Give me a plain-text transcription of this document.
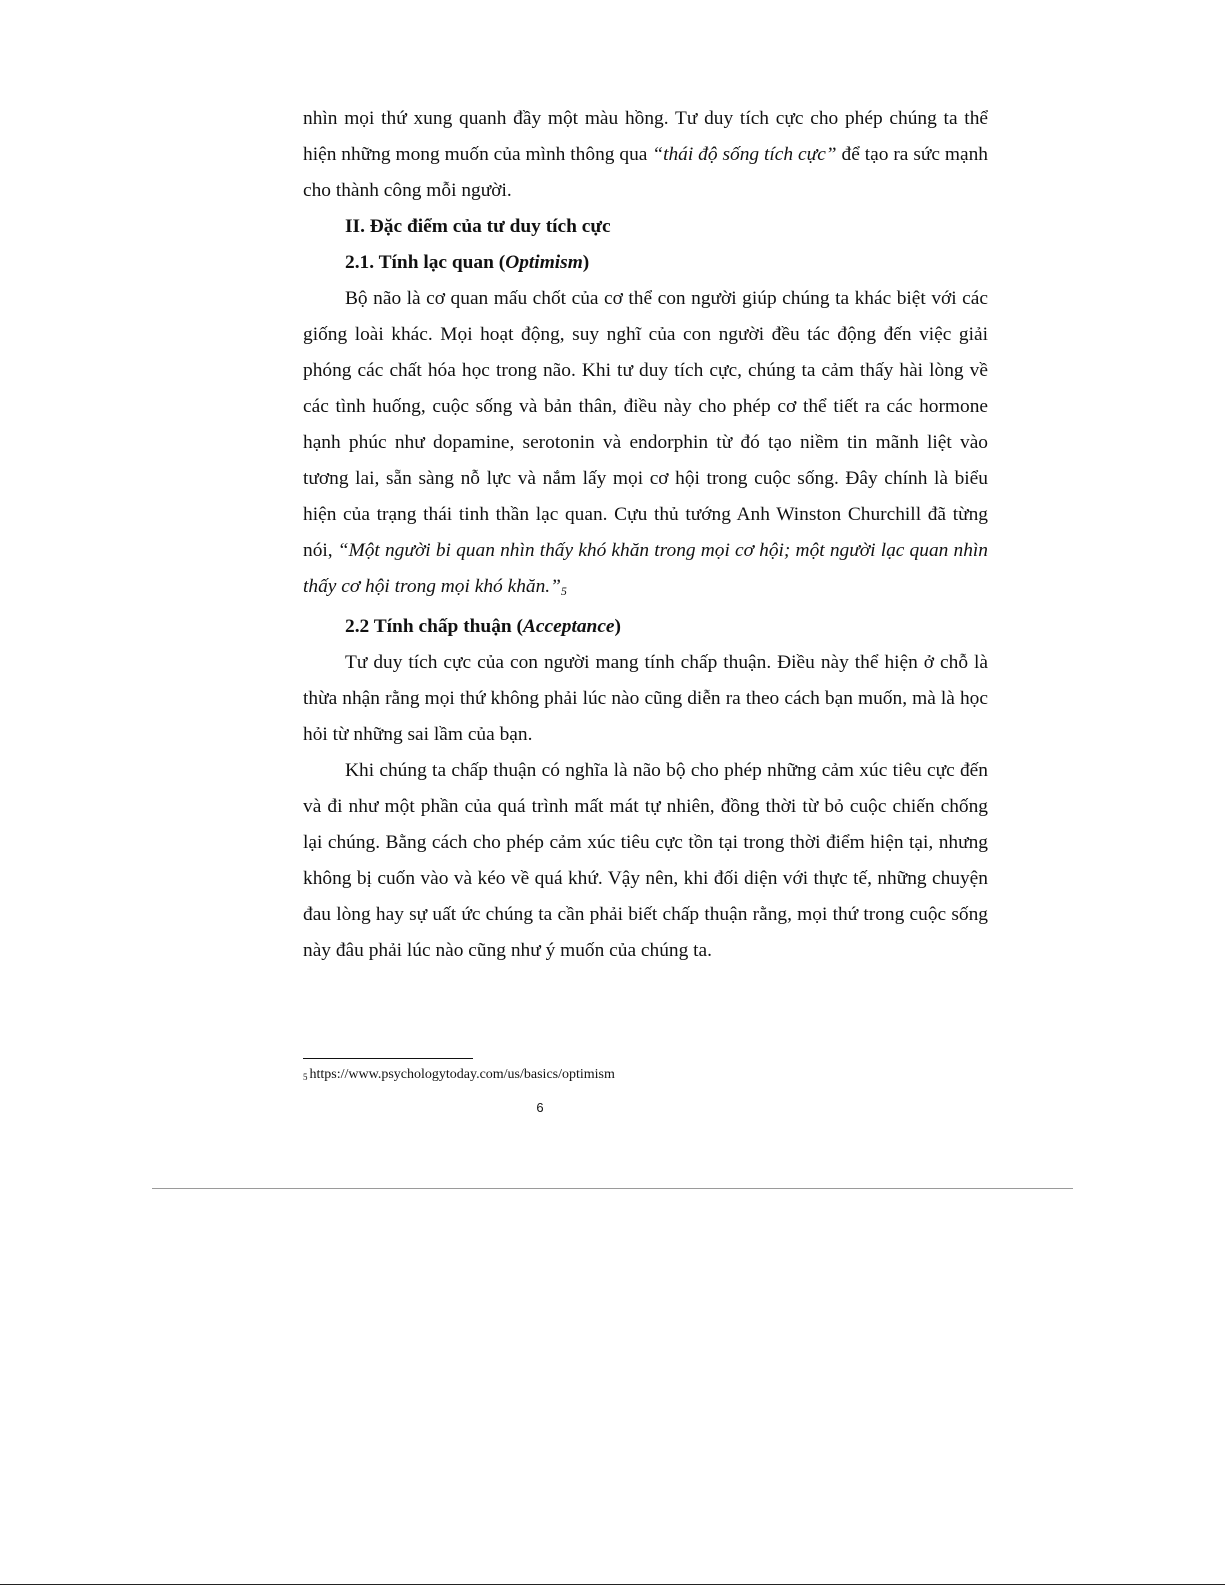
nhìn mọi thứ xung quanh đầy một màu hồng. Tư duy tích cực cho phép chúng ta thể hiện những mong muốn của mình thông qua “thái độ sống tích cực” để tạo ra sức mạnh cho thành công mỗi người.

II. Đặc điểm của tư duy tích cực

2.1. Tính lạc quan (Optimism)

Bộ não là cơ quan mấu chốt của cơ thể con người giúp chúng ta khác biệt với các giống loài khác. Mọi hoạt động, suy nghĩ của con người đều tác động đến việc giải phóng các chất hóa học trong não. Khi tư duy tích cực, chúng ta cảm thấy hài lòng về các tình huống, cuộc sống và bản thân, điều này cho phép cơ thể tiết ra các hormone hạnh phúc như dopamine, serotonin và endorphin từ đó tạo niềm tin mãnh liệt vào tương lai, sẵn sàng nỗ lực và nắm lấy mọi cơ hội trong cuộc sống. Đây chính là biểu hiện của trạng thái tinh thần lạc quan. Cựu thủ tướng Anh Winston Churchill đã từng nói, “Một người bi quan nhìn thấy khó khăn trong mọi cơ hội; một người lạc quan nhìn thấy cơ hội trong mọi khó khăn.”5

2.2 Tính chấp thuận (Acceptance)

Tư duy tích cực của con người mang tính chấp thuận. Điều này thể hiện ở chỗ là thừa nhận rằng mọi thứ không phải lúc nào cũng diễn ra theo cách bạn muốn, mà là học hỏi từ những sai lầm của bạn.

Khi chúng ta chấp thuận có nghĩa là não bộ cho phép những cảm xúc tiêu cực đến và đi như một phần của quá trình mất mát tự nhiên, đồng thời từ bỏ cuộc chiến chống lại chúng. Bằng cách cho phép cảm xúc tiêu cực tồn tại trong thời điểm hiện tại, nhưng không bị cuốn vào và kéo về quá khứ. Vậy nên, khi đối diện với thực tế, những chuyện đau lòng hay sự uất ức chúng ta cần phải biết chấp thuận rằng, mọi thứ trong cuộc sống này đâu phải lúc nào cũng như ý muốn của chúng ta.

$^5$ https://www.psychologytoday.com/us/basics/optimism
6
